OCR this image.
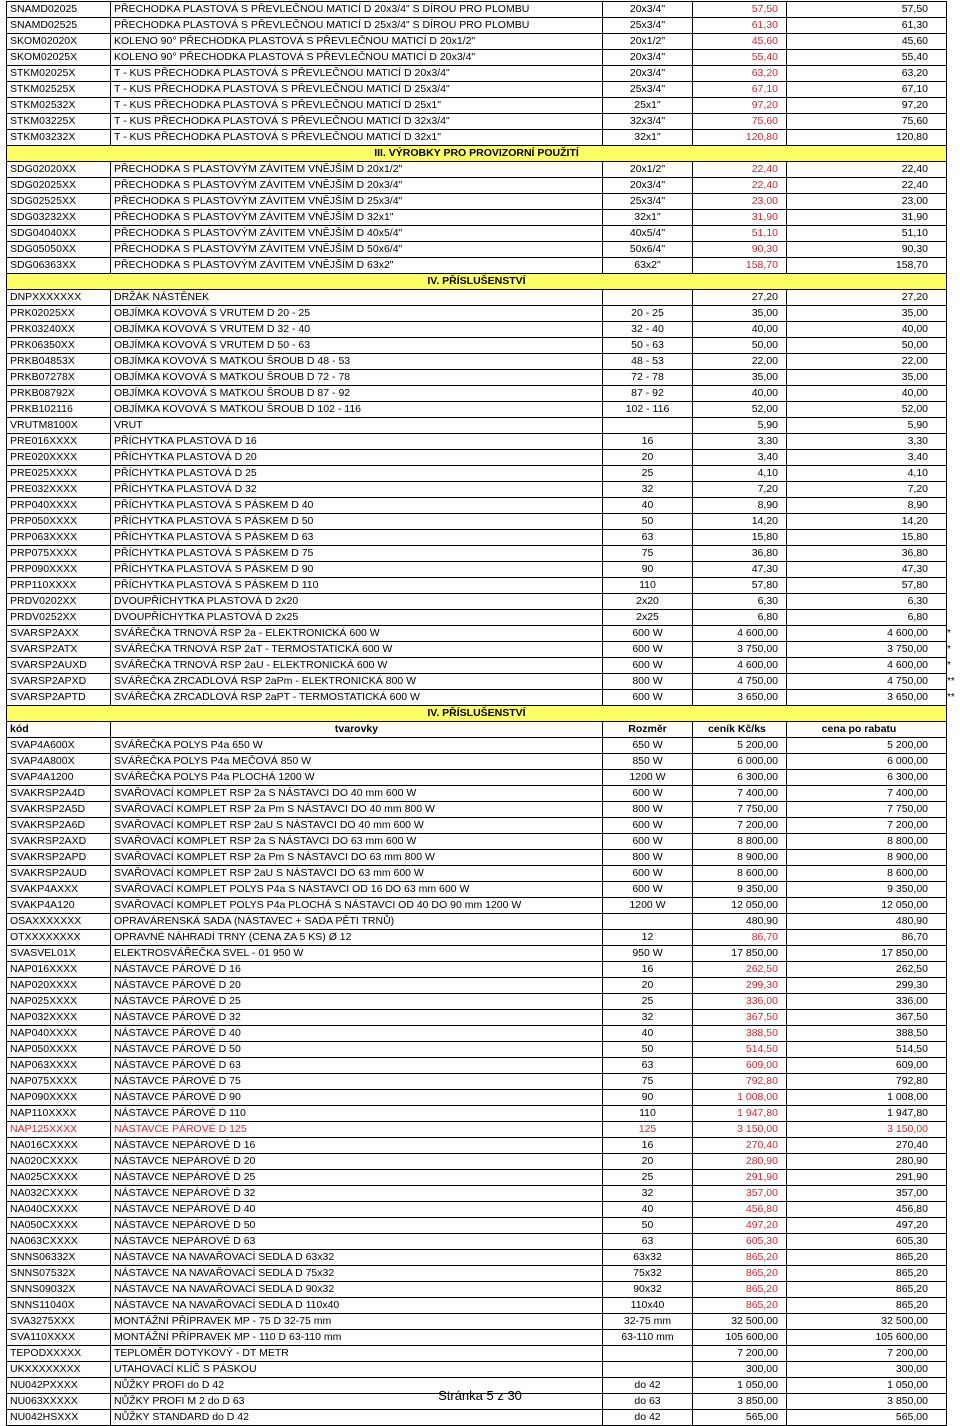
SNAMD02025	PŘECHODKA PLASTOVÁ S PŘEVLEČNOU MATICÍ D 20x3/4" S DÍROU PRO PLOMBU	20x3/4"	57,50	57,50	
SNAMD02525	PŘECHODKA PLASTOVÁ S PŘEVLEČNOU MATICÍ D 25x3/4" S DÍROU PRO PLOMBU	25x3/4"	61,30	61,30	
SKOM02020X	KOLENO 90° PŘECHODKA PLASTOVÁ S PŘEVLEČNOU MATICÍ D 20x1/2"	20x1/2"	45,60	45,60	
SKOM02025X	KOLENO 90° PŘECHODKA PLASTOVÁ S PŘEVLEČNOU MATICÍ D 20x3/4"	20x3/4"	55,40	55,40	
STKM02025X	T - KUS PŘECHODKA PLASTOVÁ S PŘEVLEČNOU MATICÍ D 20x3/4"	20x3/4"	63,20	63,20	
STKM02525X	T - KUS PŘECHODKA PLASTOVÁ S PŘEVLEČNOU MATICÍ D 25x3/4"	25x3/4"	67,10	67,10	
STKM02532X	T - KUS PŘECHODKA PLASTOVÁ S PŘEVLEČNOU MATICÍ D 25x1"	25x1"	97,20	97,20	
STKM03225X	T - KUS PŘECHODKA PLASTOVÁ S PŘEVLEČNOU MATICÍ D 32x3/4"	32x3/4"	75,60	75,60	
STKM03232X	T - KUS PŘECHODKA PLASTOVÁ S PŘEVLEČNOU MATICÍ D 32x1"	32x1"	120,80	120,80	
III. VÝROBKY PRO PROVIZORNÍ POUŽITÍ					
SDG02020XX	PŘECHODKA S PLASTOVÝM ZÁVITEM VNĚJŠÍM D 20x1/2"	20x1/2"	22,40	22,40	
SDG02025XX	PŘECHODKA S PLASTOVÝM ZÁVITEM VNĚJŠÍM D 20x3/4"	20x3/4"	22,40	22,40	
SDG02525XX	PŘECHODKA S PLASTOVÝM ZÁVITEM VNĚJŠÍM D 25x3/4"	25x3/4"	23,00	23,00	
SDG03232XX	PŘECHODKA S PLASTOVÝM ZÁVITEM VNĚJŠÍM D 32x1"	32x1"	31,90	31,90	
SDG04040XX	PŘECHODKA S PLASTOVÝM ZÁVITEM VNĚJŠÍM D 40x5/4"	40x5/4"	51,10	51,10	
SDG05050XX	PŘECHODKA S PLASTOVÝM ZÁVITEM VNĚJŠÍM D 50x6/4"	50x6/4"	90,30	90,30	
SDG06363XX	PŘECHODKA S PLASTOVÝM ZÁVITEM VNĚJŠÍM D 63x2"	63x2"	158,70	158,70	
IV. PŘÍSLUŠENSTVÍ					
DNPXXXXXXX	DRŽÁK NÁSTĚNEK		27,20	27,20	
PRK02025XX	OBJÍMKA KOVOVÁ S VRUTEM D 20 - 25	20 - 25	35,00	35,00	
PRK03240XX	OBJÍMKA KOVOVÁ S VRUTEM D 32 - 40	32 - 40	40,00	40,00	
PRK06350XX	OBJÍMKA KOVOVÁ S VRUTEM D 50 - 63	50 - 63	50,00	50,00	
PRKB04853X	OBJÍMKA KOVOVÁ S MATKOU ŠROUB D 48 - 53	48 - 53	22,00	22,00	
PRKB07278X	OBJÍMKA KOVOVÁ S MATKOU ŠROUB D 72 - 78	72 - 78	35,00	35,00	
PRKB08792X	OBJÍMKA KOVOVÁ S MATKOU ŠROUB D 87 - 92	87 - 92	40,00	40,00	
PRKB102116	OBJÍMKA KOVOVÁ S MATKOU ŠROUB D 102 - 116	102 - 116	52,00	52,00	
VRUTM8100X	VRUT		5,90	5,90	
PRE016XXXX	PŘÍCHYTKA PLASTOVÁ D 16	16	3,30	3,30	
PRE020XXXX	PŘÍCHYTKA PLASTOVÁ D 20	20	3,40	3,40	
PRE025XXXX	PŘÍCHYTKA PLASTOVÁ D 25	25	4,10	4,10	
PRE032XXXX	PŘÍCHYTKA PLASTOVÁ D 32	32	7,20	7,20	
PRP040XXXX	PŘÍCHYTKA PLASTOVÁ S PÁSKEM D 40	40	8,90	8,90	
PRP050XXXX	PŘÍCHYTKA PLASTOVÁ S PÁSKEM D 50	50	14,20	14,20	
PRP063XXXX	PŘÍCHYTKA PLASTOVÁ S PÁSKEM D 63	63	15,80	15,80	
PRP075XXXX	PŘÍCHYTKA PLASTOVÁ S PÁSKEM D 75	75	36,80	36,80	
PRP090XXXX	PŘÍCHYTKA PLASTOVÁ S PÁSKEM D 90	90	47,30	47,30	
PRP110XXXX	PŘÍCHYTKA PLASTOVÁ S PÁSKEM D 110	110	57,80	57,80	
PRDV0202XX	DVOUPŘÍCHYTKA PLASTOVÁ D 2x20	2x20	6,30	6,30	
PRDV0252XX	DVOUPŘÍCHYTKA PLASTOVÁ D 2x25	2x25	6,80	6,80	
SVARSP2AXX	SVÁŘEČKA TRNOVÁ RSP 2a - ELEKTRONICKÁ 600 W	600 W	4 600,00	4 600,00	*
SVARSP2ATX	SVÁŘEČKA TRNOVÁ RSP 2aT - TERMOSTATICKÁ 600 W	600 W	3 750,00	3 750,00	*
SVARSP2AUXD	SVÁŘEČKA TRNOVÁ RSP 2aU - ELEKTRONICKÁ 600 W	600 W	4 600,00	4 600,00	*
SVARSP2APXD	SVÁŘEČKA ZRCADLOVÁ RSP 2aPm - ELEKTRONICKÁ 800 W	800 W	4 750,00	4 750,00	**
SVARSP2APTD	SVÁŘEČKA ZRCADLOVÁ RSP 2aPT - TERMOSTATICKÁ 600 W	600 W	3 650,00	3 650,00	**
IV. PŘÍSLUŠENSTVÍ					
kód	tvarovky	Rozměr	ceník Kč/ks	cena po rabatu	
SVAP4A600X	SVÁŘEČKA POLYS P4a 650 W	650 W	5 200,00	5 200,00	
SVAP4A800X	SVÁŘEČKA POLYS P4a MEČOVÁ 850 W	850 W	6 000,00	6 000,00	
SVAP4A1200	SVÁŘEČKA POLYS P4a PLOCHÁ 1200 W	1200 W	6 300,00	6 300,00	
SVAKRSP2A4D	SVAŘOVACÍ KOMPLET RSP 2a S NÁSTAVCI DO 40 mm 600 W	600 W	7 400,00	7 400,00	
SVAKRSP2A5D	SVAŘOVACÍ KOMPLET RSP 2a Pm S NÁSTAVCI DO 40 mm 800 W	800 W	7 750,00	7 750,00	
SVAKRSP2A6D	SVAŘOVACÍ KOMPLET RSP 2aU S NÁSTAVCI DO 40 mm 600 W	600 W	7 200,00	7 200,00	
SVAKRSP2AXD	SVAŘOVACÍ KOMPLET RSP 2a S NÁSTAVCI DO 63 mm 600 W	600 W	8 800,00	8 800,00	
SVAKRSP2APD	SVAŘOVACÍ KOMPLET RSP 2a Pm S NÁSTAVCI DO 63 mm 800 W	800 W	8 900,00	8 900,00	
SVAKRSP2AUD	SVAŘOVACÍ KOMPLET RSP 2aU S NÁSTAVCI DO 63 mm 600 W	600 W	8 600,00	8 600,00	
SVAKP4AXXX	SVAŘOVACÍ KOMPLET POLYS P4a S NÁSTAVCI OD 16 DO 63 mm 600 W	600 W	9 350,00	9 350,00	
SVAKP4A120	SVAŘOVACÍ KOMPLET POLYS P4a PLOCHÁ S NÁSTAVCI OD 40 DO 90 mm 1200 W	1200 W	12 050,00	12 050,00	
OSAXXXXXXX	OPRAVÁRENSKÁ SADA (NÁSTAVEC + SADA PĚTI TRNŮ)		480,90	480,90	
OTXXXXXXXX	OPRAVNÉ NÁHRADÍ TRNY (CENA ZA 5 KS) Ø 12	12	86,70	86,70	
SVASVEL01X	ELEKTROSVÁŘEČKA SVEL - 01 950 W	950 W	17 850,00	17 850,00	
NAP016XXXX	NÁSTAVCE PÁROVÉ D 16	16	262,50	262,50	
NAP020XXXX	NÁSTAVCE PÁROVÉ D 20	20	299,30	299,30	
NAP025XXXX	NÁSTAVCE PÁROVÉ D 25	25	336,00	336,00	
NAP032XXXX	NÁSTAVCE PÁROVÉ D 32	32	367,50	367,50	
NAP040XXXX	NÁSTAVCE PÁROVÉ D 40	40	388,50	388,50	
NAP050XXXX	NÁSTAVCE PÁROVÉ D 50	50	514,50	514,50	
NAP063XXXX	NÁSTAVCE PÁROVÉ D 63	63	609,00	609,00	
NAP075XXXX	NÁSTAVCE PÁROVÉ D 75	75	792,80	792,80	
NAP090XXXX	NÁSTAVCE PÁROVÉ D 90	90	1 008,00	1 008,00	
NAP110XXXX	NÁSTAVCE PÁROVÉ D 110	110	1 947,80	1 947,80	
NAP125XXXX	NÁSTAVCE PÁROVÉ D 125	125	3 150,00	3 150,00	
NA016CXXXX	NÁSTAVCE NEPÁROVÉ D 16	16	270,40	270,40	
NA020CXXXX	NÁSTAVCE NEPÁROVÉ D 20	20	280,90	280,90	
NA025CXXXX	NÁSTAVCE NEPÁROVÉ D 25	25	291,90	291,90	
NA032CXXXX	NÁSTAVCE NEPÁROVÉ D 32	32	357,00	357,00	
NA040CXXXX	NÁSTAVCE NEPÁROVÉ D 40	40	456,80	456,80	
NA050CXXXX	NÁSTAVCE NEPÁROVÉ D 50	50	497,20	497,20	
NA063CXXXX	NÁSTAVCE NEPÁROVÉ D 63	63	605,30	605,30	
SNNS06332X	NÁSTAVCE NA NAVAŘOVACÍ SEDLA D 63x32	63x32	865,20	865,20	
SNNS07532X	NÁSTAVCE NA NAVAŘOVACÍ SEDLA D 75x32	75x32	865,20	865,20	
SNNS09032X	NÁSTAVCE NA NAVAŘOVACÍ SEDLA D 90x32	90x32	865,20	865,20	
SNNS11040X	NÁSTAVCE NA NAVAŘOVACÍ SEDLA D 110x40	110x40	865,20	865,20	
SVA3275XXX	MONTÁŽNÍ PŘÍPRAVEK MP - 75 D 32-75 mm	32-75 mm	32 500,00	32 500,00	
SVA110XXXX	MONTÁŽNÍ PŘÍPRAVEK MP - 110 D 63-110 mm	63-110 mm	105 600,00	105 600,00	
TEPODXXXXX	TEPLOMĚR DOTYKOVÝ - DT METR		7 200,00	7 200,00	
UKXXXXXXXX	UTAHOVACÍ KLÍČ S PÁSKOU		300,00	300,00	
NU042PXXXX	NŮŽKY PROFI do D 42	do 42	1 050,00	1 050,00	
NU063XXXXX	NŮŽKY PROFI M 2 do D 63	do 63	3 850,00	3 850,00	
NU042HSXXX	NŮŽKY STANDARD do D 42	do 42	565,00	565,00	
Stránka 5 z 30
